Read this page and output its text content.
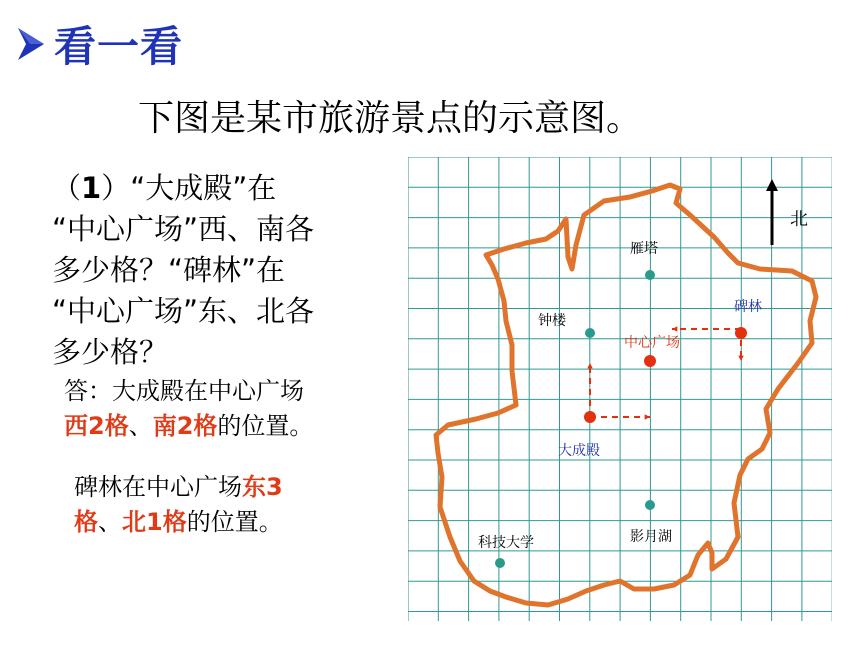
看一看
下图是某市旅游景点的示意图。
（1）“大成殿”在
“中心广场”西、南各
多少格？“碑林”在
“中心广场”东、北各
多少格？
答：大成殿在中心广场
西2格、南2格的位置。
碑林在中心广场东3
格、北1格的位置。
北
雁塔
碑林
钟楼
中心广场
大成殿
影月湖
科技大学
